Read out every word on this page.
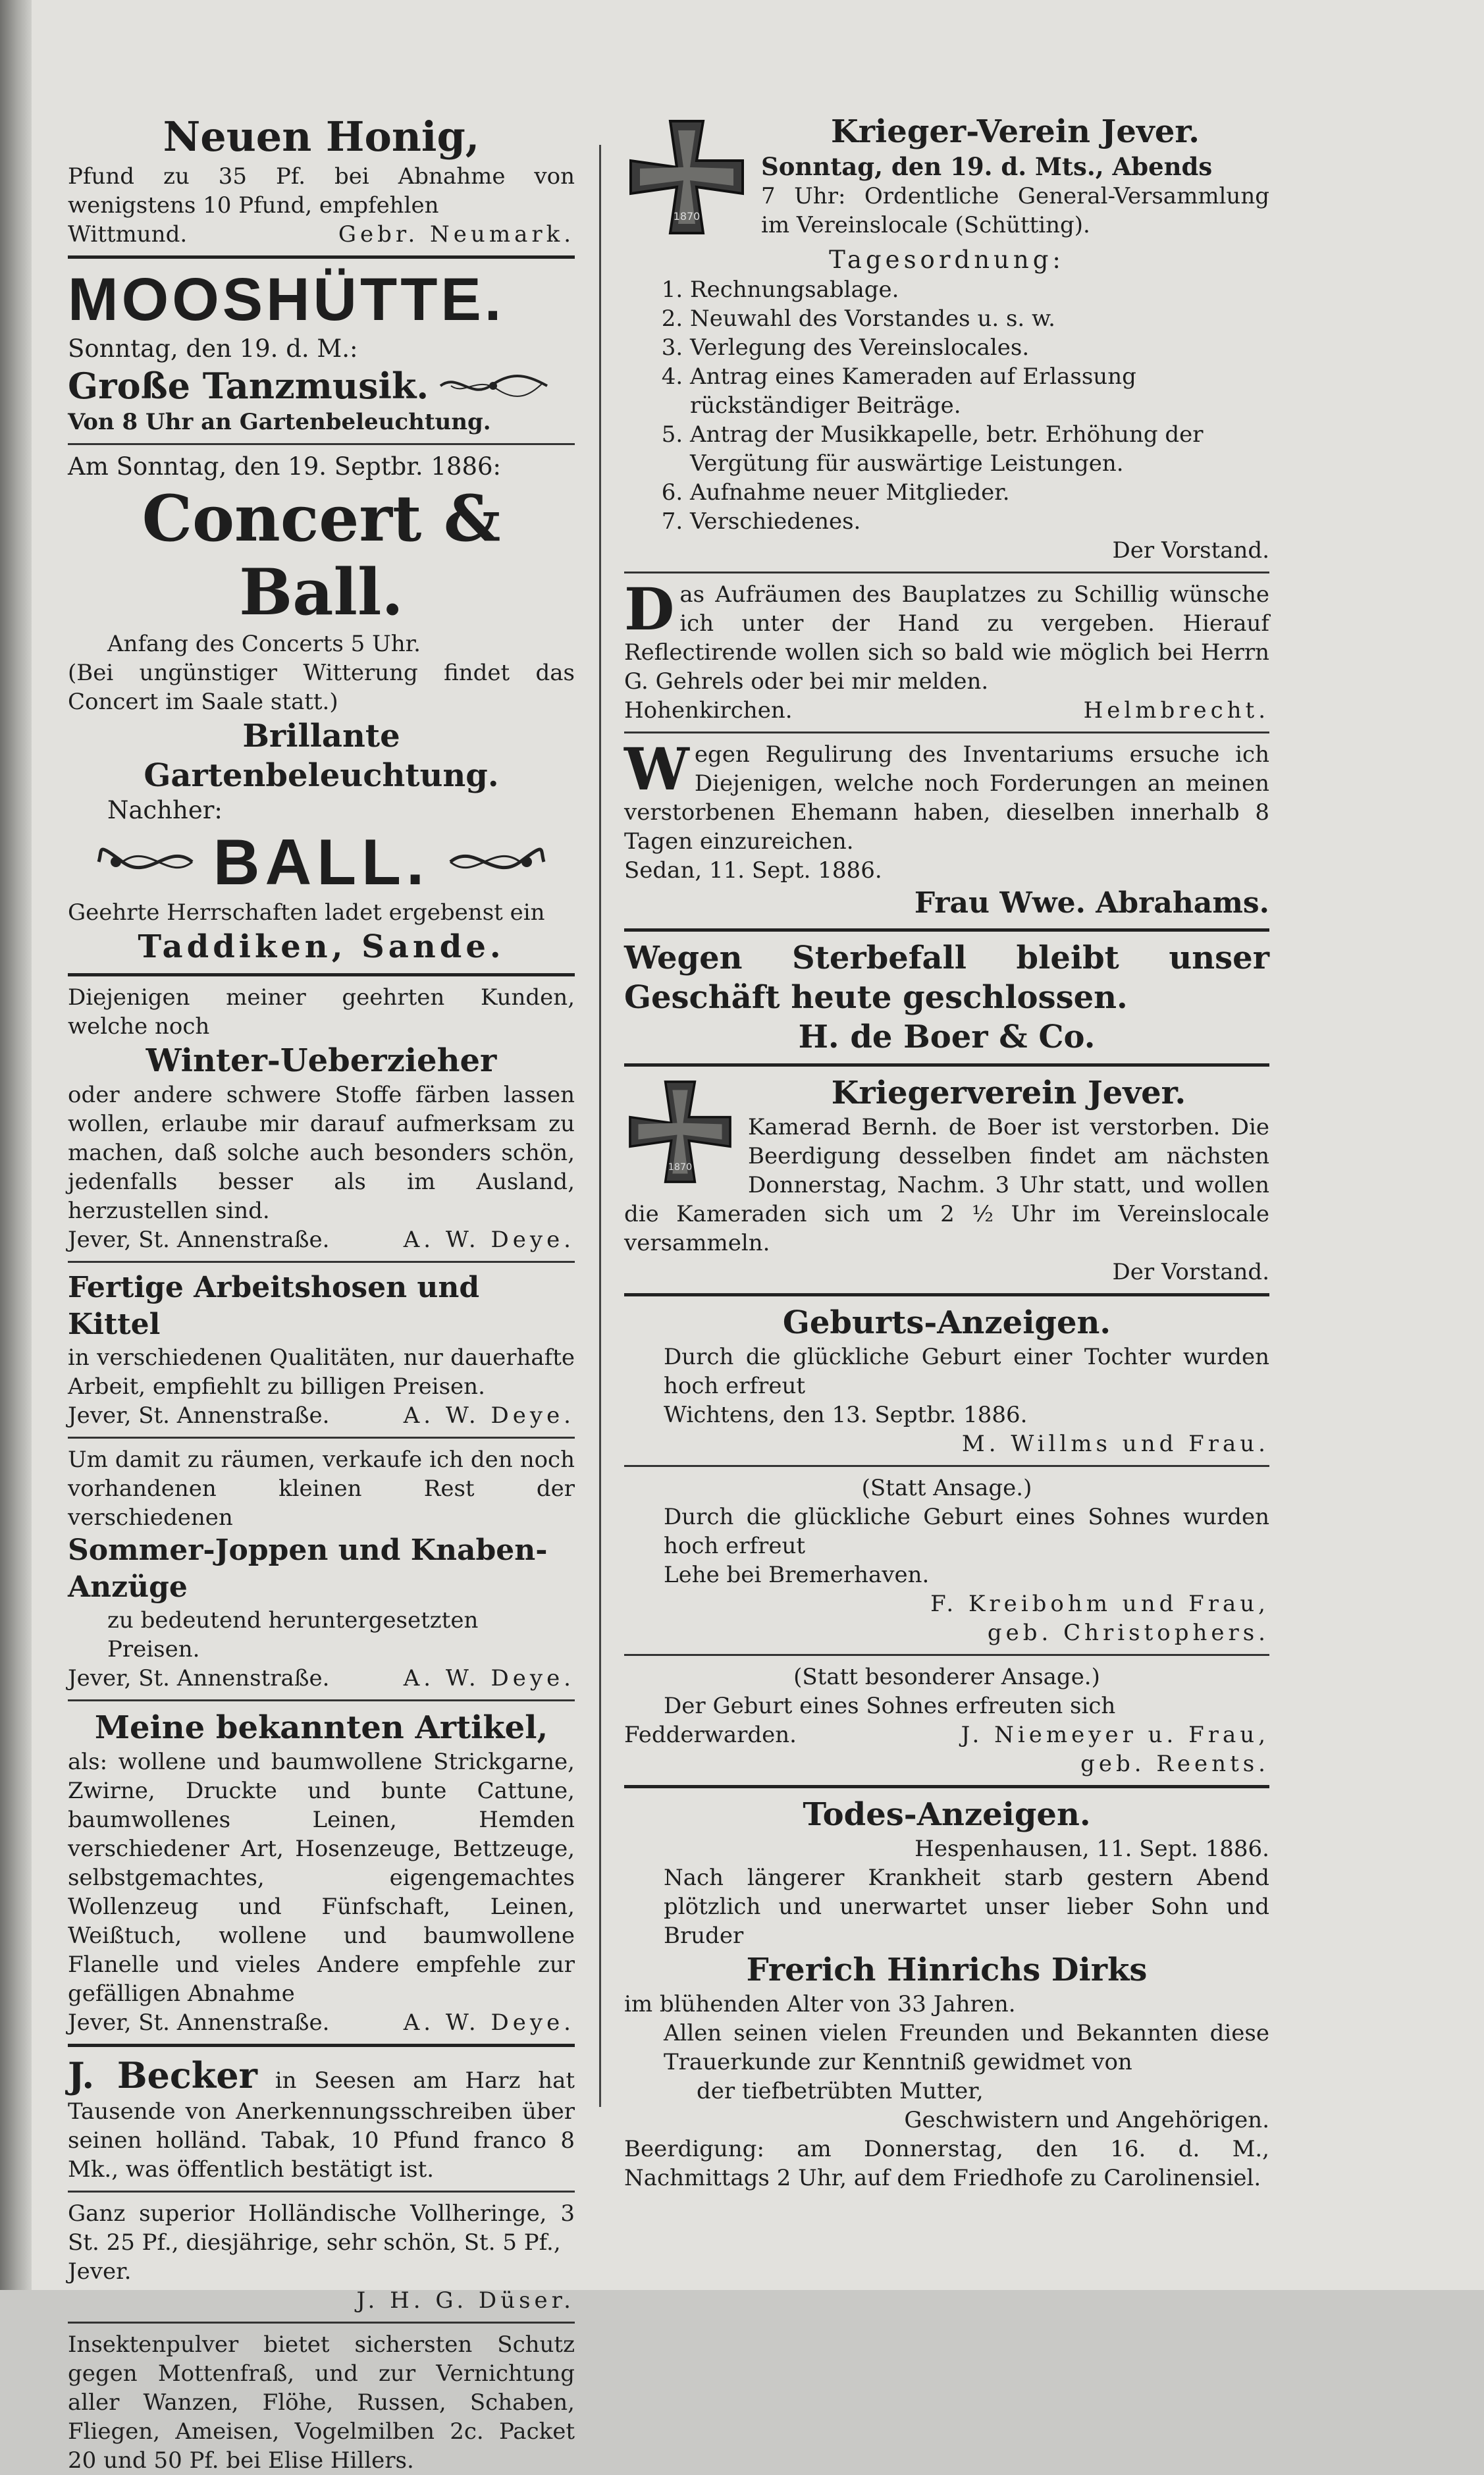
Neuen Honig,
Pfund zu 35 Pf. bei Abnahme von wenigstens 10 Pfund, empfehlen
Wittmund.	Gebr. Neumark.
MOOSHÜTTE.
Sonntag, den 19. d. M.:
Große Tanzmusik.
Von 8 Uhr an Gartenbeleuchtung.
Am Sonntag, den 19. Septbr. 1886:
Concert & Ball.
Anfang des Concerts 5 Uhr.
(Bei ungünstiger Witterung findet das Concert im Saale statt.)
Brillante Gartenbeleuchtung.
Nachher:
BALL.
Geehrte Herrschaften ladet ergebenst ein
Taddiken, Sande.
Diejenigen meiner geehrten Kunden, welche noch
Winter-Ueberzieher
oder andere schwere Stoffe färben lassen wollen, erlaube mir darauf aufmerksam zu machen, daß solche auch besonders schön, jedenfalls besser als im Ausland, herzustellen sind.
Jever, St. Annenstraße.	A. W. Deye.
Fertige Arbeitshosen und Kittel
in verschiedenen Qualitäten, nur dauerhafte Arbeit, empfiehlt zu billigen Preisen.
Jever, St. Annenstraße.	A. W. Deye.
Um damit zu räumen, verkaufe ich den noch vorhandenen kleinen Rest der verschiedenen
Sommer-Joppen und Knaben-Anzüge
zu bedeutend heruntergesetzten Preisen.
Jever, St. Annenstraße.	A. W. Deye.
Meine bekannten Artikel,
als: wollene und baumwollene Strickgarne, Zwirne, Druckte und bunte Cattune, baumwollenes Leinen, Hemden verschiedener Art, Hosenzeuge, Bettzeuge, selbstgemachtes, eigengemachtes Wollenzeug und Fünfschaft, Leinen, Weißtuch, wollene und baumwollene Flanelle und vieles Andere empfehle zur gefälligen Abnahme
Jever, St. Annenstraße.	A. W. Deye.
J. Becker in Seesen am Harz hat Tausende von Anerkennungsschreiben über seinen holländ. Tabak, 10 Pfund franco 8 Mk., was öffentlich bestätigt ist.
Ganz superior Holländische Vollheringe, 3 St. 25 Pf., diesjährige, sehr schön, St. 5 Pf.,
Jever.
J. H. G. Düser.
Insektenpulver bietet sichersten Schutz gegen Mottenfraß, und zur Vernichtung aller Wanzen, Flöhe, Russen, Schaben, Fliegen, Ameisen, Vogelmilben 2c. Packet 20 und 50 Pf. bei Elise Hillers.
1870
Krieger-Verein Jever.
Sonntag, den 19. d. Mts., Abends
7 Uhr: Ordentliche General-Versammlung im Vereinslocale (Schütting).
Tagesordnung:
1. Rechnungsablage.
2. Neuwahl des Vorstandes u. s. w.
3. Verlegung des Vereinslocales.
4. Antrag eines Kameraden auf Erlassung rückständiger Beiträge.
5. Antrag der Musikkapelle, betr. Erhöhung der Vergütung für auswärtige Leistungen.
6. Aufnahme neuer Mitglieder.
7. Verschiedenes.
Der Vorstand.
D as Aufräumen des Bauplatzes zu Schillig wünsche ich unter der Hand zu vergeben. Hierauf Reflectirende wollen sich so bald wie möglich bei Herrn G. Gehrels oder bei mir melden.
Hohenkirchen.	Helmbrecht.
W egen Regulirung des Inventariums ersuche ich Diejenigen, welche noch Forderungen an meinen verstorbenen Ehemann haben, dieselben innerhalb 8 Tagen einzureichen.
Sedan, 11. Sept. 1886.
Frau Wwe. Abrahams.
Wegen Sterbefall bleibt unser Geschäft heute geschlossen.
H. de Boer & Co.
1870
Kriegerverein Jever.
Kamerad Bernh. de Boer ist verstorben. Die Beerdigung desselben findet am nächsten Donnerstag, Nachm. 3 Uhr statt, und wollen die Kameraden sich um 2 ½ Uhr im Vereinslocale versammeln.
Der Vorstand.
Geburts-Anzeigen.
Durch die glückliche Geburt einer Tochter wurden hoch erfreut
Wichtens, den 13. Septbr. 1886.
M. Willms und Frau.
(Statt Ansage.)
Durch die glückliche Geburt eines Sohnes wurden hoch erfreut
Lehe bei Bremerhaven.
F. Kreibohm und Frau,
geb. Christophers.
(Statt besonderer Ansage.)
Der Geburt eines Sohnes erfreuten sich
Fedderwarden.	J. Niemeyer u. Frau,
geb. Reents.
Todes-Anzeigen.
Hespenhausen, 11. Sept. 1886.
Nach längerer Krankheit starb gestern Abend plötzlich und unerwartet unser lieber Sohn und Bruder
Frerich Hinrichs Dirks
im blühenden Alter von 33 Jahren.
Allen seinen vielen Freunden und Bekannten diese Trauerkunde zur Kenntniß gewidmet von
der tiefbetrübten Mutter,
Geschwistern und Angehörigen.
Beerdigung: am Donnerstag, den 16. d. M., Nachmittags 2 Uhr, auf dem Friedhofe zu Carolinensiel.
